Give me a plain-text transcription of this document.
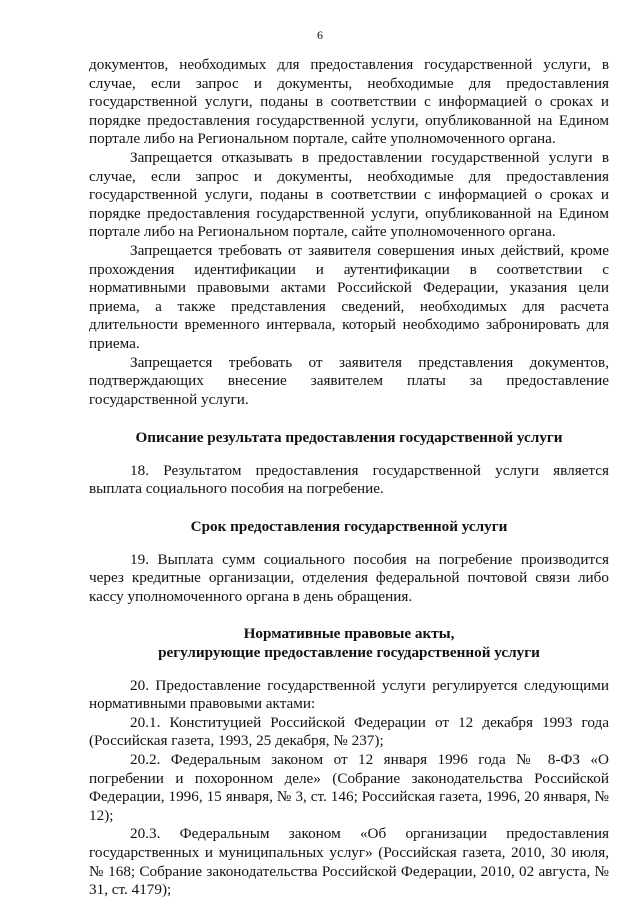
6

документов, необходимых для предоставления государственной услуги, в случае, если запрос и документы, необходимые для предоставления государственной услуги, поданы в соответствии с информацией о сроках и порядке предоставления государственной услуги, опубликованной на Едином портале либо на Региональном портале, сайте уполномоченного органа.

Запрещается отказывать в предоставлении государственной услуги в случае, если запрос и документы, необходимые для предоставления государственной услуги, поданы в соответствии с информацией о сроках и порядке предоставления государственной услуги, опубликованной на Едином портале либо на Региональном портале, сайте уполномоченного органа.

Запрещается требовать от заявителя совершения иных действий, кроме прохождения идентификации и аутентификации в соответствии с нормативными правовыми актами Российской Федерации, указания цели приема, а также представления сведений, необходимых для расчета длительности временного интервала, который необходимо забронировать для приема.

Запрещается требовать от заявителя представления документов, подтверждающих внесение заявителем платы за предоставление государственной услуги.

Описание результата предоставления государственной услуги

18. Результатом предоставления государственной услуги является выплата социального пособия на погребение.

Срок предоставления государственной услуги

19. Выплата сумм социального пособия на погребение производится через кредитные организации, отделения федеральной почтовой связи либо кассу уполномоченного органа в день обращения.

Нормативные правовые акты,

регулирующие предоставление государственной услуги

20. Предоставление государственной услуги регулируется следующими нормативными правовыми актами:

20.1. Конституцией Российской Федерации от 12 декабря 1993 года (Российская газета, 1993, 25 декабря, № 237);

20.2. Федеральным законом от 12 января 1996 года № 8-ФЗ «О погребении и похоронном деле» (Собрание законодательства Российской Федерации, 1996, 15 января, № 3, ст. 146; Российская газета, 1996, 20 января, № 12);

20.3. Федеральным законом «Об организации предоставления государственных и муниципальных услуг» (Российская газета, 2010, 30 июля, № 168; Собрание законодательства Российской Федерации, 2010, 02 августа, № 31, ст. 4179);
